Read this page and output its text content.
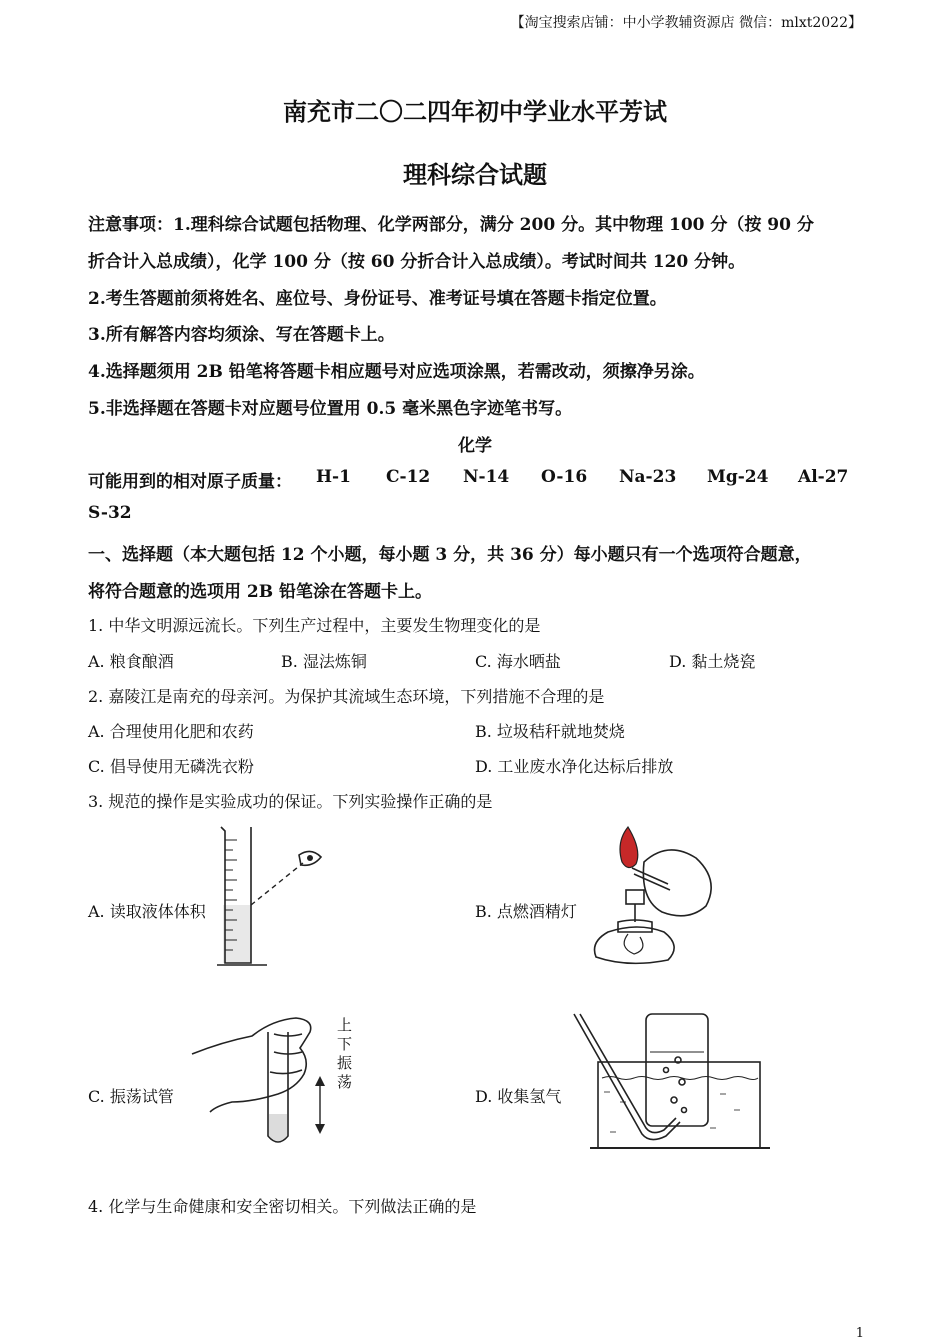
【淘宝搜索店铺：中小学教辅资源店 微信：mlxt2022】
南充市二〇二四年初中学业水平芳试
理科综合试题
注意事项：1.理科综合试题包括物理、化学两部分，满分 200 分。其中物理 100 分（按 90 分
折合计入总成绩），化学 100 分（按 60 分折合计入总成绩）。考试时间共 120 分钟。
2.考生答题前须将姓名、座位号、身份证号、准考证号填在答题卡指定位置。
3.所有解答内容均须涂、写在答题卡上。
4.选择题须用 2B 铅笔将答题卡相应题号对应选项涂黑，若需改动，须擦净另涂。
5.非选择题在答题卡对应题号位置用 0.5 毫米黑色字迹笔书写。
化学
可能用到的相对原子质量： H-1 C-12 N-14 O-16 Na-23 Mg-24 Al-27
S-32
一、选择题（本大题包括 12 个小题，每小题 3 分，共 36 分）每小题只有一个选项符合题意，
将符合题意的选项用 2B 铅笔涂在答题卡上。
1. 中华文明源远流长。下列生产过程中，主要发生物理变化的是
A. 粮食酿酒	B. 湿法炼铜	C. 海水晒盐	D. 黏土烧瓷
2. 嘉陵江是南充的母亲河。为保护其流域生态环境，下列措施不合理的是
A. 合理使用化肥和农药	B. 垃圾秸秆就地焚烧
C. 倡导使用无磷洗衣粉	D. 工业废水净化达标后排放
3. 规范的操作是实验成功的保证。下列实验操作正确的是
A. 读取液体体积	B. 点燃酒精灯
C. 振荡试管
上下振荡
D. 收集氢气
4. 化学与生命健康和安全密切相关。下列做法正确的是
1
